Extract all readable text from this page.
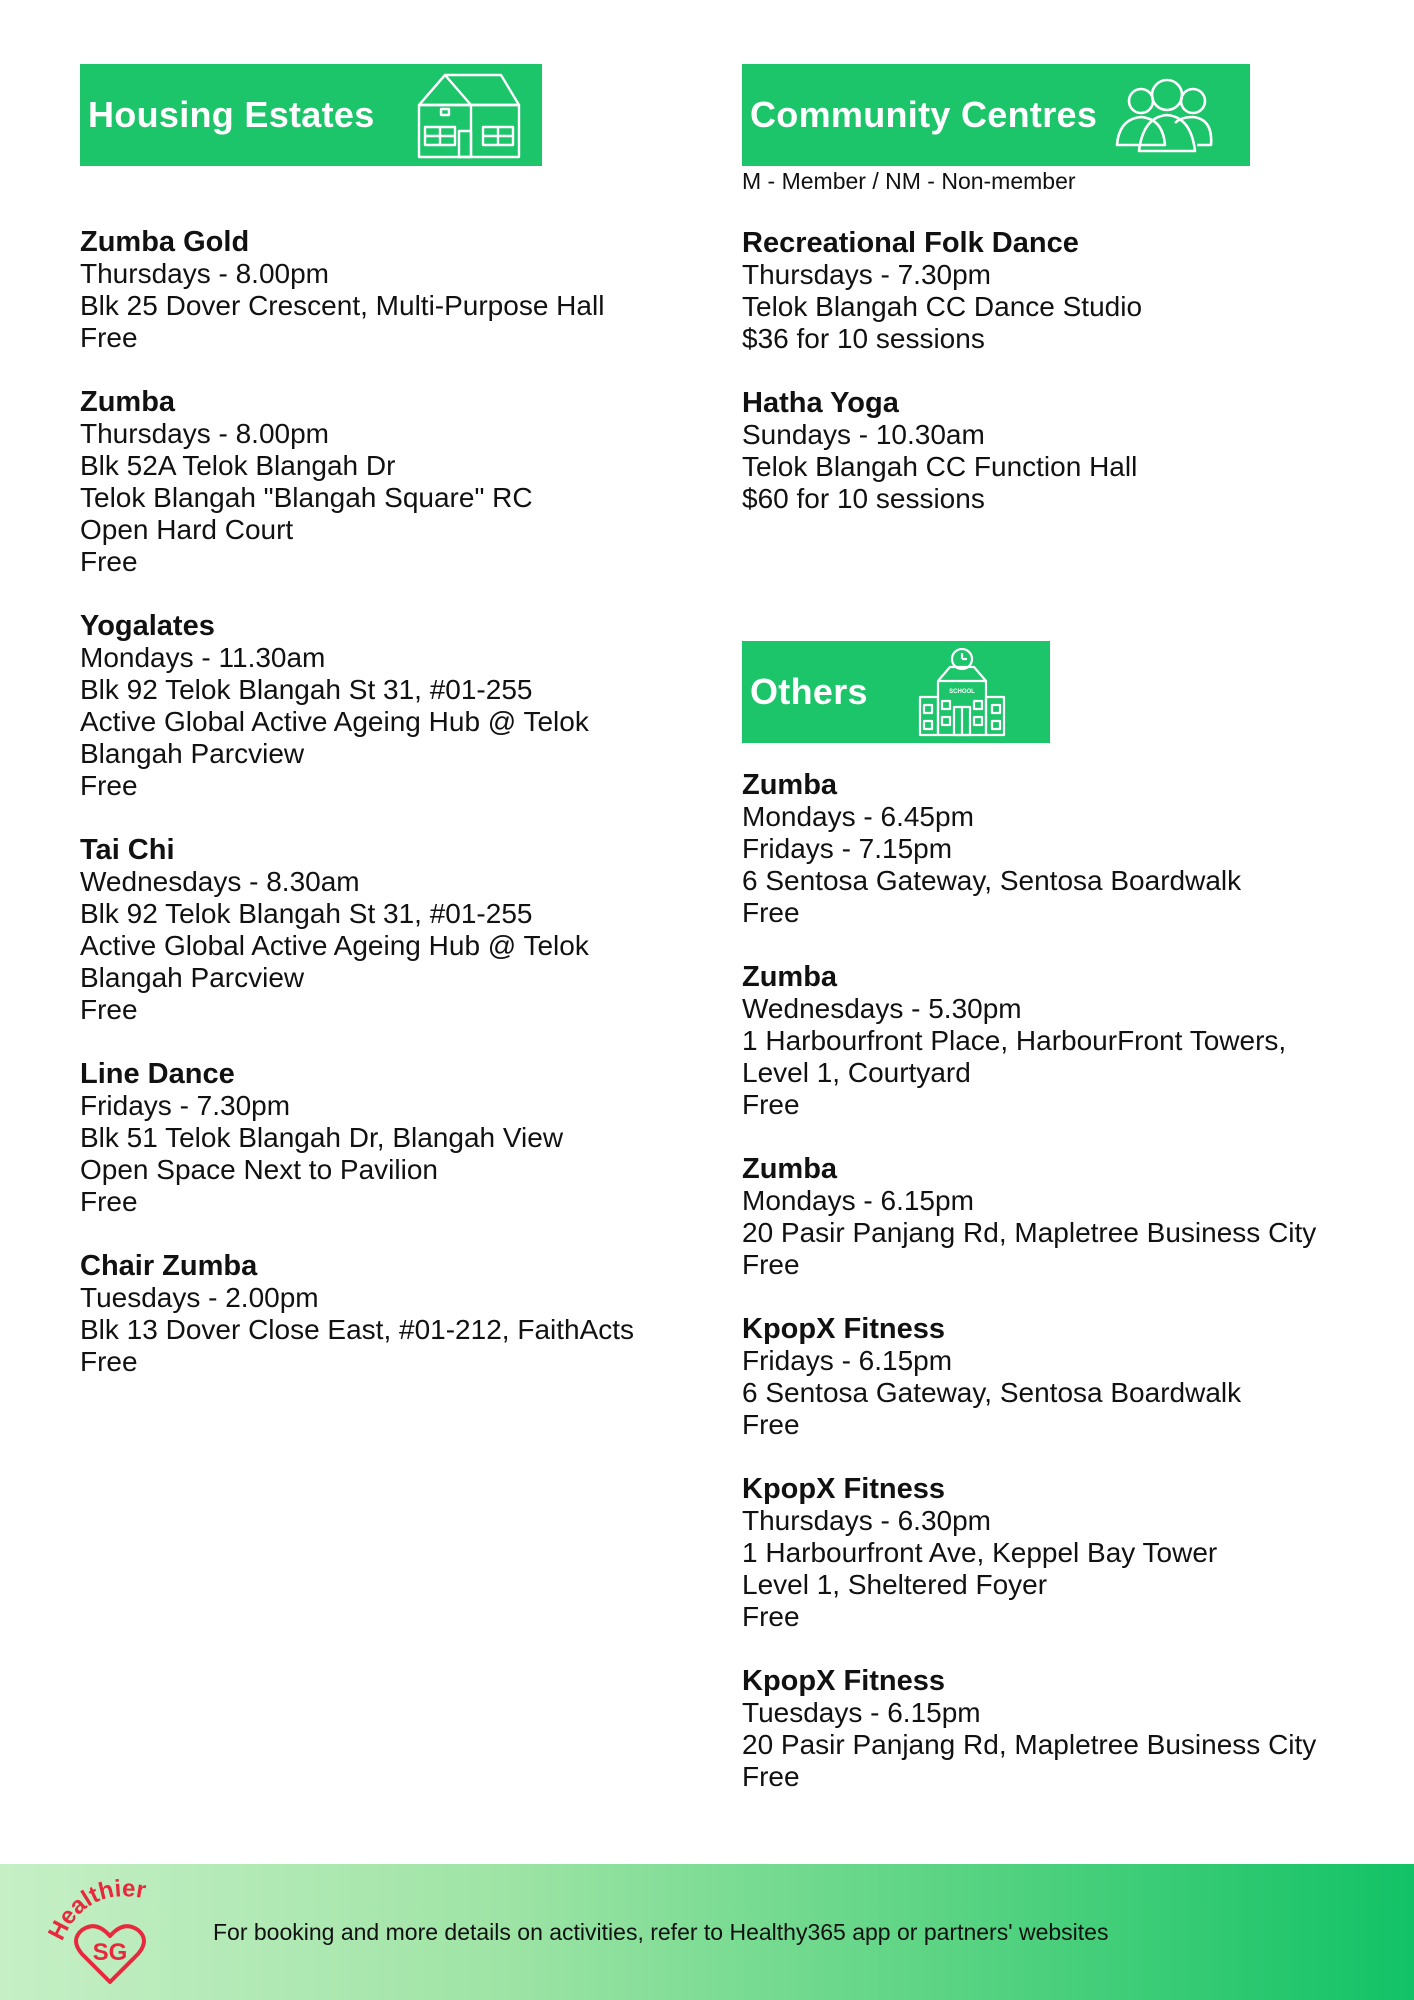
Housing Estates
Zumba Gold
Thursdays - 8.00pm
Blk 25 Dover Crescent, Multi-Purpose Hall
Free
Zumba
Thursdays - 8.00pm
Blk 52A Telok Blangah Dr
Telok Blangah "Blangah Square" RC
Open Hard Court
Free
Yogalates
Mondays - 11.30am
Blk 92 Telok Blangah St 31, #01-255
Active Global Active Ageing Hub @ Telok
Blangah Parcview
Free
Tai Chi
Wednesdays - 8.30am
Blk 92 Telok Blangah St 31, #01-255
Active Global Active Ageing Hub @ Telok
Blangah Parcview
Free
Line Dance
Fridays - 7.30pm
Blk 51 Telok Blangah Dr, Blangah View
Open Space Next to Pavilion
Free
Chair Zumba
Tuesdays - 2.00pm
Blk 13 Dover Close East, #01-212, FaithActs
Free
Community Centres
M - Member / NM - Non-member
Recreational Folk Dance
Thursdays - 7.30pm
Telok Blangah CC Dance Studio
$36 for 10 sessions
Hatha Yoga
Sundays - 10.30am
Telok Blangah CC Function Hall
$60 for 10 sessions
Others	SCHOOL
Zumba
Mondays - 6.45pm
Fridays - 7.15pm
6 Sentosa Gateway, Sentosa Boardwalk
Free
Zumba
Wednesdays - 5.30pm
1 Harbourfront Place, HarbourFront Towers,
Level 1, Courtyard
Free
Zumba
Mondays - 6.15pm
20 Pasir Panjang Rd, Mapletree Business City
Free
KpopX Fitness
Fridays - 6.15pm
6 Sentosa Gateway, Sentosa Boardwalk
Free
KpopX Fitness
Thursdays - 6.30pm
1 Harbourfront Ave, Keppel Bay Tower
Level 1, Sheltered Foyer
Free
KpopX Fitness
Tuesdays - 6.15pm
20 Pasir Panjang Rd, Mapletree Business City
Free
ealthier
SG
For booking and more details on activities, refer to Healthy365 app or partners' websites
